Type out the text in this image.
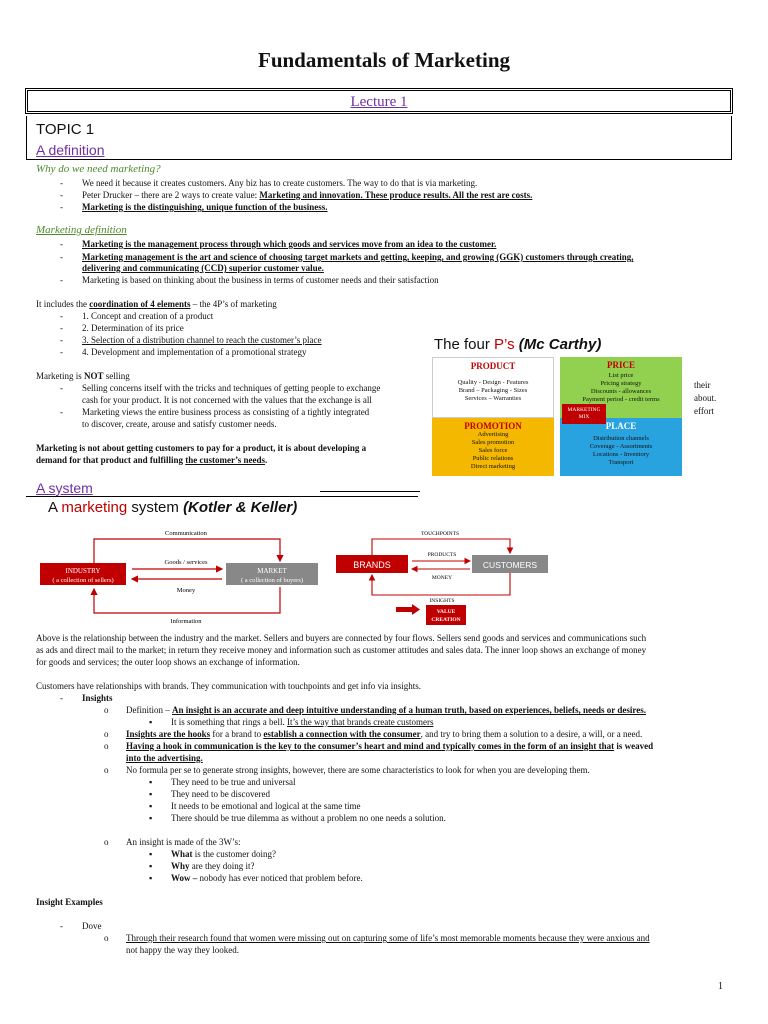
Fundamentals of Marketing
Lecture 1
TOPIC 1
A definition
Why do we need marketing?
- We need it because it creates customers. Any biz has to create customers. The way to do that is via marketing.
- Peter Drucker – there are 2 ways to create value: Marketing and innovation. These produce results. All the rest are costs.
- Marketing is the distinguishing, unique function of the business.
Marketing definition
- Marketing is the management process through which goods and services move from an idea to the customer.
- Marketing management is the art and science of choosing target markets and getting, keeping, and growing (GGK) customers through creating,
delivering and communicating (CCD) superior customer value.
- Marketing is based on thinking about the business in terms of customer needs and their satisfaction
It includes the coordination of 4 elements – the 4P’s of marketing
- 1. Concept and creation of a product
- 2. Determination of its price
- 3. Selection of a distribution channel to reach the customer’s place
- 4. Development and implementation of a promotional strategy
Marketing is NOT selling
- Selling concerns itself with the tricks and techniques of getting people to exchange
cash for your product. It is not concerned with the values that the exchange is all
- Marketing views the entire business process as consisting of a tightly integrated
to discover, create, arouse and satisfy customer needs.
their
about.
effort
Marketing is not about getting customers to pay for a product, it is about developing a
demand for that product and fulfilling the customer’s needs.
The four P’s (Mc Carthy)
PRODUCT
Quality - Design - Features
Brand – Packaging - Sizes
Services – Warranties
PRICE
List price
Pricing strategy
Discounts - allowances
Payment period - credit terms
PROMOTION
Advertising
Sales promotion
Sales force
Public relations
Direct marketing
PLACE
Distribution channels
Coverage - Assortments
Locations - Inventory
Transport
MARKETING MIX
A system
A marketing system (Kotler & Keller)
INDUSTRY
( a collection of sellers)
MARKET
( a collection of buyers)
Communication
Goods / services
Money
Information
BRANDS	CUSTOMERS
TOUCHPOINTS
PRODUCTS
MONEY
INSIGHTS
VALUE
CREATION
Above is the relationship between the industry and the market. Sellers and buyers are connected by four flows. Sellers send goods and services and communications such
as ads and direct mail to the market; in return they receive money and information such as customer attitudes and sales data. The inner loop shows an exchange of money
for goods and services; the outer loop shows an exchange of information.
Customers have relationships with brands. They communication with touchpoints and get info via insights.
- Insights
o Definition – An insight is an accurate and deep intuitive understanding of a human truth, based on experiences, beliefs, needs or desires.
▪ It is something that rings a bell. It’s the way that brands create customers
o Insights are the hooks for a brand to establish a connection with the consumer, and try to bring them a solution to a desire, a will, or a need.
o Having a hook in communication is the key to the consumer’s heart and mind and typically comes in the form of an insight that is weaved
into the advertising.
o No formula per se to generate strong insights, however, there are some characteristics to look for when you are developing them.
▪ They need to be true and universal
▪ They need to be discovered
▪ It needs to be emotional and logical at the same time
▪ There should be true dilemma as without a problem no one needs a solution.
o An insight is made of the 3W’s:
▪ What is the customer doing?
▪ Why are they doing it?
▪ Wow – nobody has ever noticed that problem before.
Insight Examples
- Dove
o Through their research found that women were missing out on capturing some of life’s most memorable moments because they were anxious and
not happy the way they looked.
1
